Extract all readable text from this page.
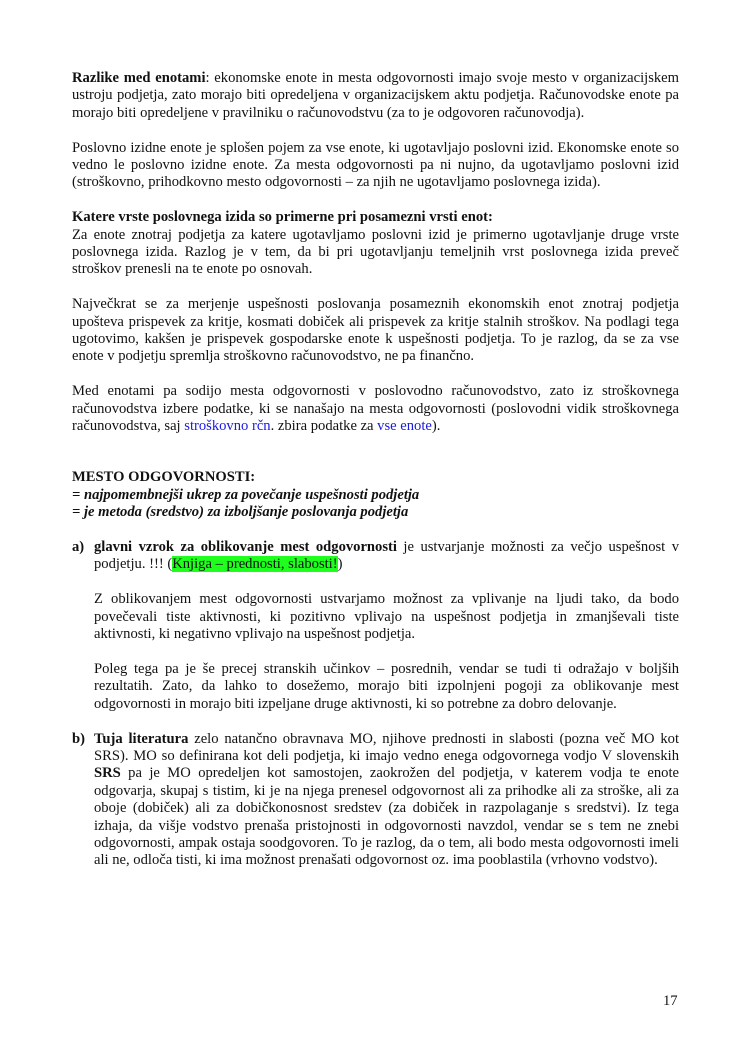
Razlike med enotami: ekonomske enote in mesta odgovornosti imajo svoje mesto v organizacijskem ustroju podjetja, zato morajo biti opredeljena v organizacijskem aktu podjetja. Računovodske enote pa morajo biti opredeljene v pravilniku o računovodstvu (za to je odgovoren računovodja).

Poslovno izidne enote je splošen pojem za vse enote, ki ugotavljajo poslovni izid. Ekonomske enote so vedno le poslovno izidne enote. Za mesta odgovornosti pa ni nujno, da ugotavljamo poslovni izid (stroškovno, prihodkovno mesto odgovornosti – za njih ne ugotavljamo poslovnega izida).

Katere vrste poslovnega izida so primerne pri posamezni vrsti enot:

Za enote znotraj podjetja za katere ugotavljamo poslovni izid je primerno ugotavljanje druge vrste poslovnega izida. Razlog je v tem, da bi pri ugotavljanju temeljnih vrst poslovnega izida preveč stroškov prenesli na te enote po osnovah.

Največkrat se za merjenje uspešnosti poslovanja posameznih ekonomskih enot znotraj podjetja upošteva prispevek za kritje, kosmati dobiček ali prispevek za kritje stalnih stroškov. Na podlagi tega ugotovimo, kakšen je prispevek gospodarske enote k uspešnosti podjetja. To je razlog, da se za vse enote v podjetju spremlja stroškovno računovodstvo, ne pa finančno.

Med enotami pa sodijo mesta odgovornosti v poslovodno računovodstvo, zato iz stroškovnega računovodstva izbere podatke, ki se nanašajo na mesta odgovornosti (poslovodni vidik stroškovnega računovodstva, saj stroškovno rčn. zbira podatke za vse enote).

MESTO ODGOVORNOSTI:

= najpomembnejši ukrep za povečanje uspešnosti podjetja

= je metoda (sredstvo) za izboljšanje poslovanja podjetja

a) glavni vzrok za oblikovanje mest odgovornosti je ustvarjanje možnosti za večjo uspešnost v podjetju. !!! (Knjiga – prednosti, slabosti!)

Z oblikovanjem mest odgovornosti ustvarjamo možnost za vplivanje na ljudi tako, da bodo povečevali tiste aktivnosti, ki pozitivno vplivajo na uspešnost podjetja in zmanjševali tiste aktivnosti, ki negativno vplivajo na uspešnost podjetja.

Poleg tega pa je še precej stranskih učinkov – posrednih, vendar se tudi ti odražajo v boljših rezultatih. Zato, da lahko to dosežemo, morajo biti izpolnjeni pogoji za oblikovanje mest odgovornosti in morajo biti izpeljane druge aktivnosti, ki so potrebne za dobro delovanje.

b) Tuja literatura zelo natančno obravnava MO, njihove prednosti in slabosti (pozna več MO kot SRS). MO so definirana kot deli podjetja, ki imajo vedno enega odgovornega vodjo V slovenskih SRS pa je MO opredeljen kot samostojen, zaokrožen del podjetja, v katerem vodja te enote odgovarja, skupaj s tistim, ki je na njega prenesel odgovornost ali za prihodke ali za stroške, ali za oboje (dobiček) ali za dobičkonosnost sredstev (za dobiček in razpolaganje s sredstvi). Iz tega izhaja, da višje vodstvo prenaša pristojnosti in odgovornosti navzdol, vendar se s tem ne znebi odgovornosti, ampak ostaja soodgovoren. To je razlog, da o tem, ali bodo mesta odgovornosti imeli ali ne, odloča tisti, ki ima možnost prenašati odgovornost oz. ima pooblastila (vrhovno vodstvo).

17
